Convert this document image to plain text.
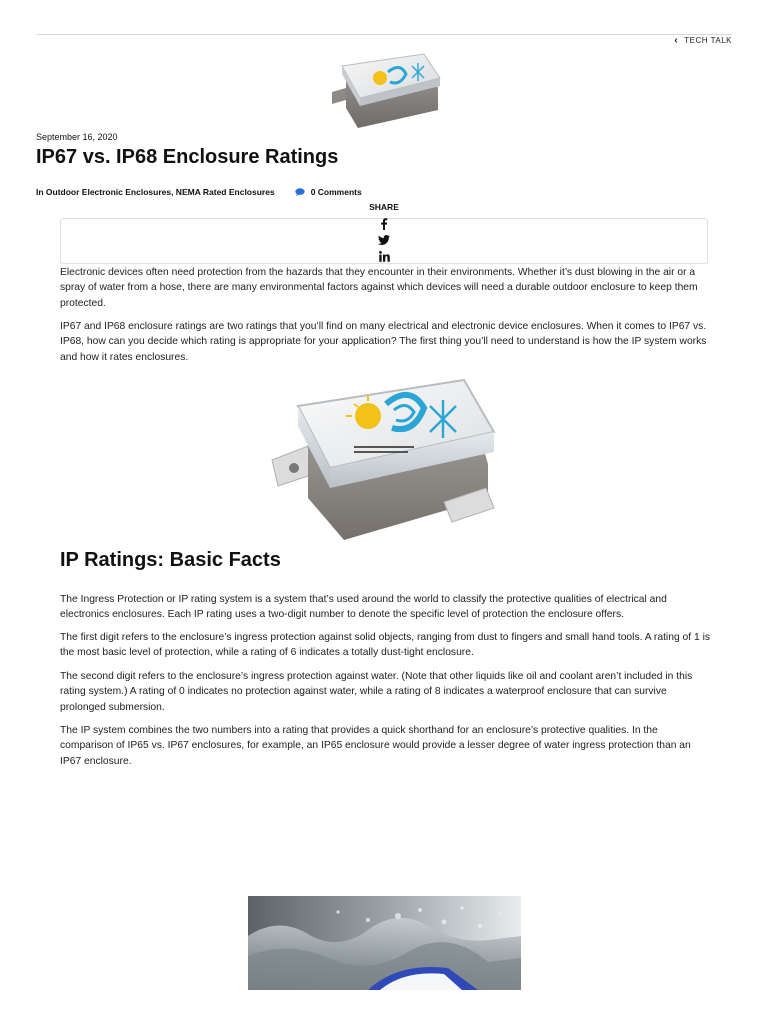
‹ TECH TALK
September 16, 2020
IP67 vs. IP68 Enclosure Ratings
In Outdoor Electronic Enclosures, NEMA Rated Enclosures	0 Comments
SHARE

Electronic devices often need protection from the hazards that they encounter in their environments. Whether it’s dust blowing in the air or a spray of water from a hose, there are many environmental factors against which devices will need a durable outdoor enclosure to keep them protected.

IP67 and IP68 enclosure ratings are two ratings that you’ll find on many electrical and electronic device enclosures. When it comes to IP67 vs. IP68, how can you decide which rating is appropriate for your application? The first thing you’ll need to understand is how the IP system works and how it rates enclosures.

IP Ratings: Basic Facts

The Ingress Protection or IP rating system is a system that’s used around the world to classify the protective qualities of electrical and electronics enclosures. Each IP rating uses a two-digit number to denote the specific level of protection the enclosure offers.

The first digit refers to the enclosure’s ingress protection against solid objects, ranging from dust to fingers and small hand tools. A rating of 1 is the most basic level of protection, while a rating of 6 indicates a totally dust-tight enclosure.

The second digit refers to the enclosure’s ingress protection against water. (Note that other liquids like oil and coolant aren’t included in this rating system.) A rating of 0 indicates no protection against water, while a rating of 8 indicates a waterproof enclosure that can survive prolonged submersion.

The IP system combines the two numbers into a rating that provides a quick shorthand for an enclosure’s protective qualities. In the comparison of IP65 vs. IP67 enclosures, for example, an IP65 enclosure would provide a lesser degree of water ingress protection than an IP67 enclosure.
